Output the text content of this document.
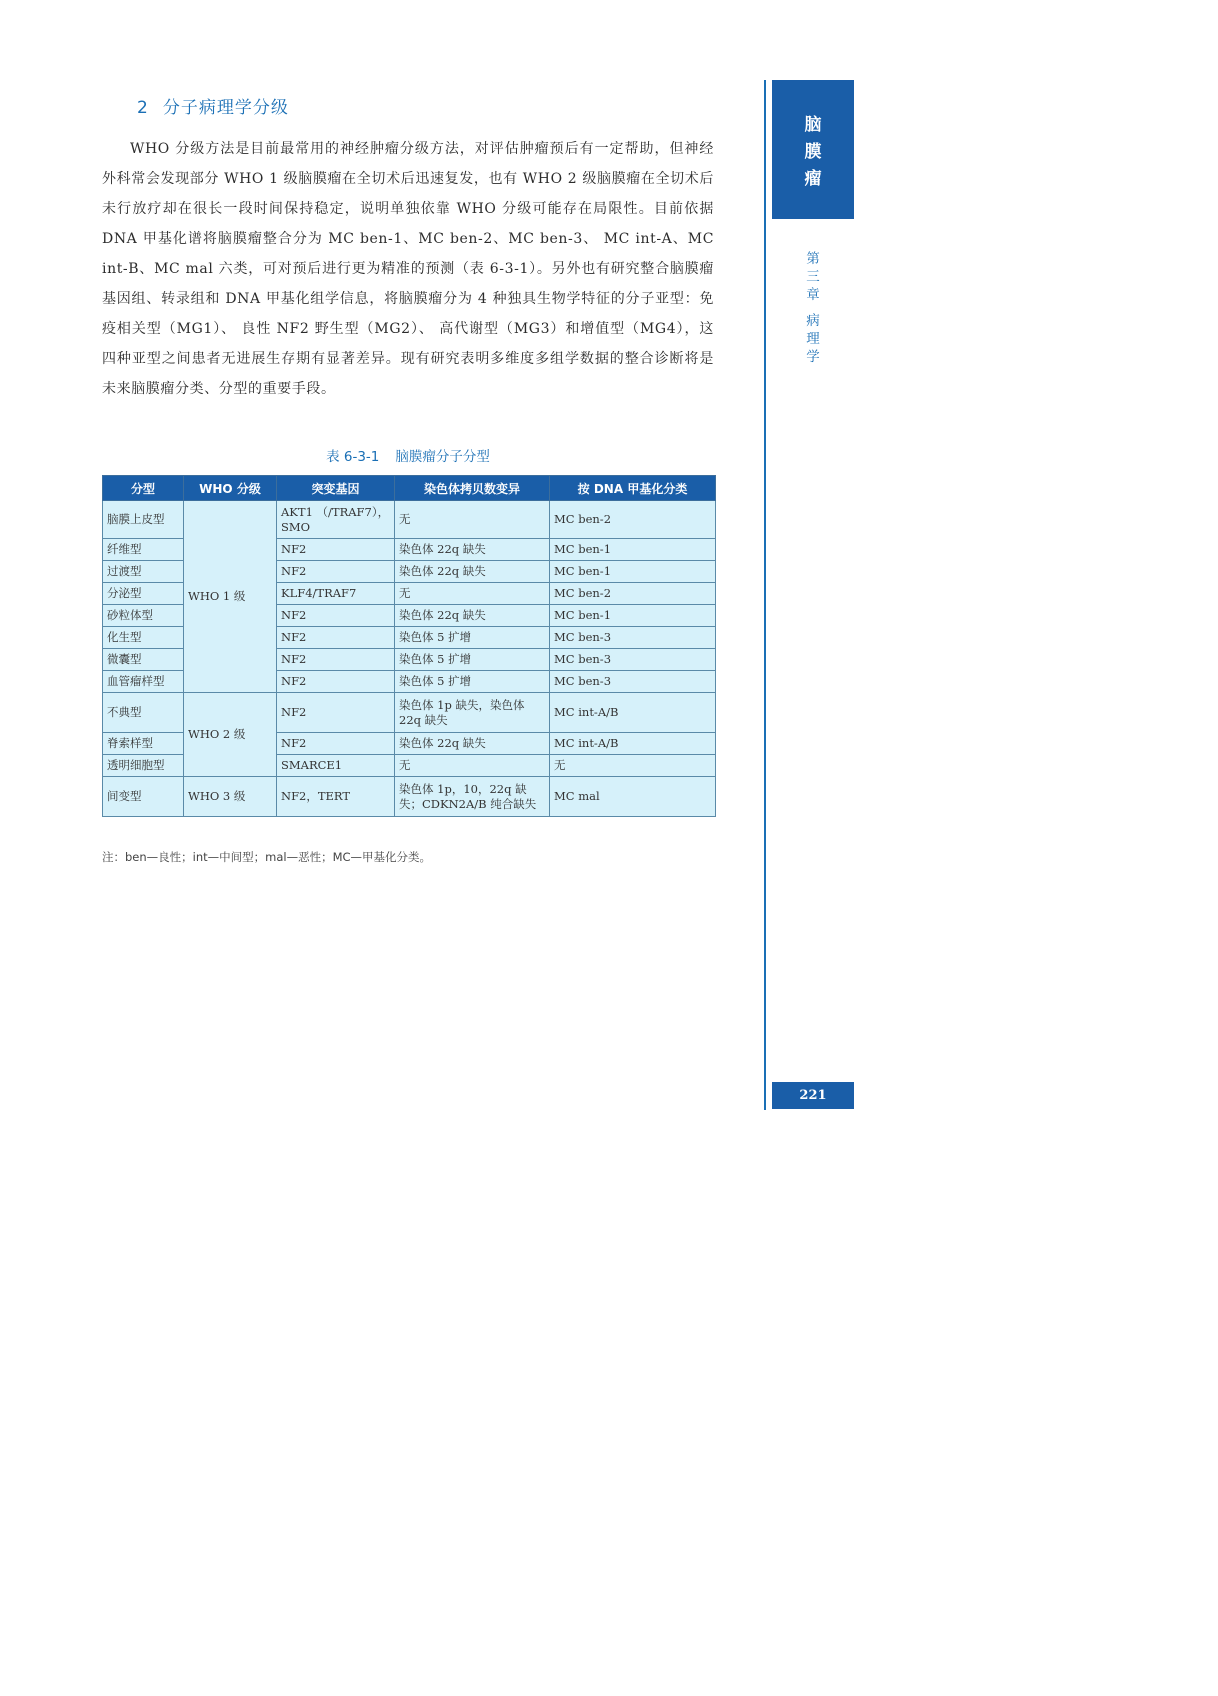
2 分子病理学分级

WHO 分级方法是目前最常用的神经肿瘤分级方法，对评估肿瘤预后有一定帮助，但神经外科常会发现部分 WHO 1 级脑膜瘤在全切术后迅速复发，也有 WHO 2 级脑膜瘤在全切术后未行放疗却在很长一段时间保持稳定，说明单独依靠 WHO 分级可能存在局限性。目前依据 DNA 甲基化谱将脑膜瘤整合分为 MC ben-1、MC ben-2、MC ben-3、 MC int-A、MC int-B、MC mal 六类，可对预后进行更为精准的预测（表 6-3-1）。另外也有研究整合脑膜瘤基因组、转录组和 DNA 甲基化组学信息，将脑膜瘤分为 4 种独具生物学特征的分子亚型：免疫相关型（MG1）、 良性 NF2 野生型（MG2）、 高代谢型（MG3）和增值型（MG4），这四种亚型之间患者无进展生存期有显著差异。现有研究表明多维度多组学数据的整合诊断将是未来脑膜瘤分类、分型的重要手段。

表 6-3-1 脑膜瘤分子分型
分型	WHO 分级	突变基因	染色体拷贝数变异	按 DNA 甲基化分类
脑膜上皮型	WHO 1 级	AKT1 （/TRAF7），SMO	无	MC ben-2
纤维型		NF2	染色体 22q 缺失	MC ben-1
过渡型		NF2	染色体 22q 缺失	MC ben-1
分泌型		KLF4/TRAF7	无	MC ben-2
砂粒体型		NF2	染色体 22q 缺失	MC ben-1
化生型		NF2	染色体 5 扩增	MC ben-3
微囊型		NF2	染色体 5 扩增	MC ben-3
血管瘤样型		NF2	染色体 5 扩增	MC ben-3
不典型	WHO 2 级	NF2	染色体 1p 缺失，染色体 22q 缺失	MC int-A/B
脊索样型		NF2	染色体 22q 缺失	MC int-A/B
透明细胞型		SMARCE1	无	无
间变型	WHO 3 级	NF2，TERT	染色体 1p，10，22q 缺失；CDKN2A/B 纯合缺失	MC mal
注：ben—良性；int—中间型；mal—恶性；MC—甲基化分类。
脑
膜
瘤
第
三
章
病
理
学
221
